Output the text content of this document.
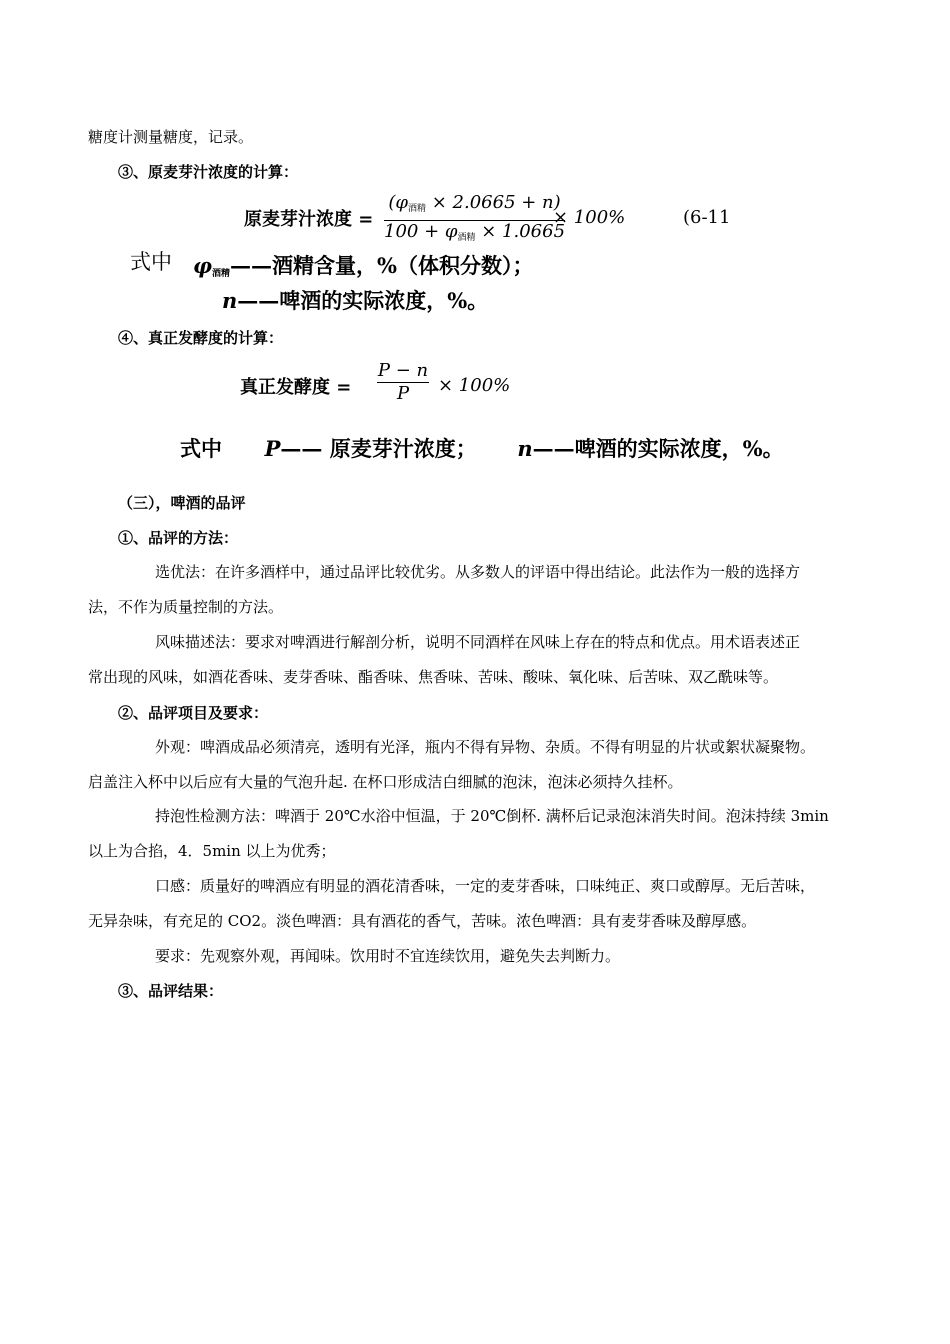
糖度计测量糖度，记录。
③、原麦芽汁浓度的计算：
原麦芽汁浓度 =
$(\varphi_{酒精} \times 2.0665 + n)$
$100 + \varphi_{酒精} \times 1.0665$
× 100%	(6-11
式中 $\varphi_{酒精}——$酒精含量，%（体积分数）；
n——啤酒的实际浓度，%。
④、真正发酵度的计算：
真正发酵度 =
P − n
P × 100%
式中 P—— 原麦芽汁浓度； n——啤酒的实际浓度，%。
（三），啤酒的品评
①、品评的方法：
选优法：在许多酒样中，通过品评比较优劣。从多数人的评语中得出结论。此法作为一般的选择方
法，不作为质量控制的方法。
风味描述法：要求对啤酒进行解剖分析，说明不同酒样在风味上存在的特点和优点。用术语表述正
常出现的风味，如酒花香味、麦芽香味、酯香味、焦香味、苦味、酸味、氧化味、后苦味、双乙酰味等。
②、品评项目及要求：
外观：啤酒成品必须清亮，透明有光泽，瓶内不得有异物、杂质。不得有明显的片状或絮状凝聚物。
启盖注入杯中以后应有大量的气泡升起. 在杯口形成洁白细腻的泡沫，泡沫必须持久挂杯。
持泡性检测方法：啤酒于 20℃水浴中恒温，于 20℃倒杯. 满杯后记录泡沫消失时间。泡沫持续 3min
以上为合掐，4．5min 以上为优秀；
口感：质量好的啤酒应有明显的酒花清香味，一定的麦芽香味，口味纯正、爽口或醇厚。无后苦味，
无异杂味，有充足的 CO2。淡色啤酒：具有酒花的香气，苦味。浓色啤酒：具有麦芽香味及醇厚感。
要求：先观察外观，再闻味。饮用时不宜连续饮用，避免失去判断力。
③、品评结果：
